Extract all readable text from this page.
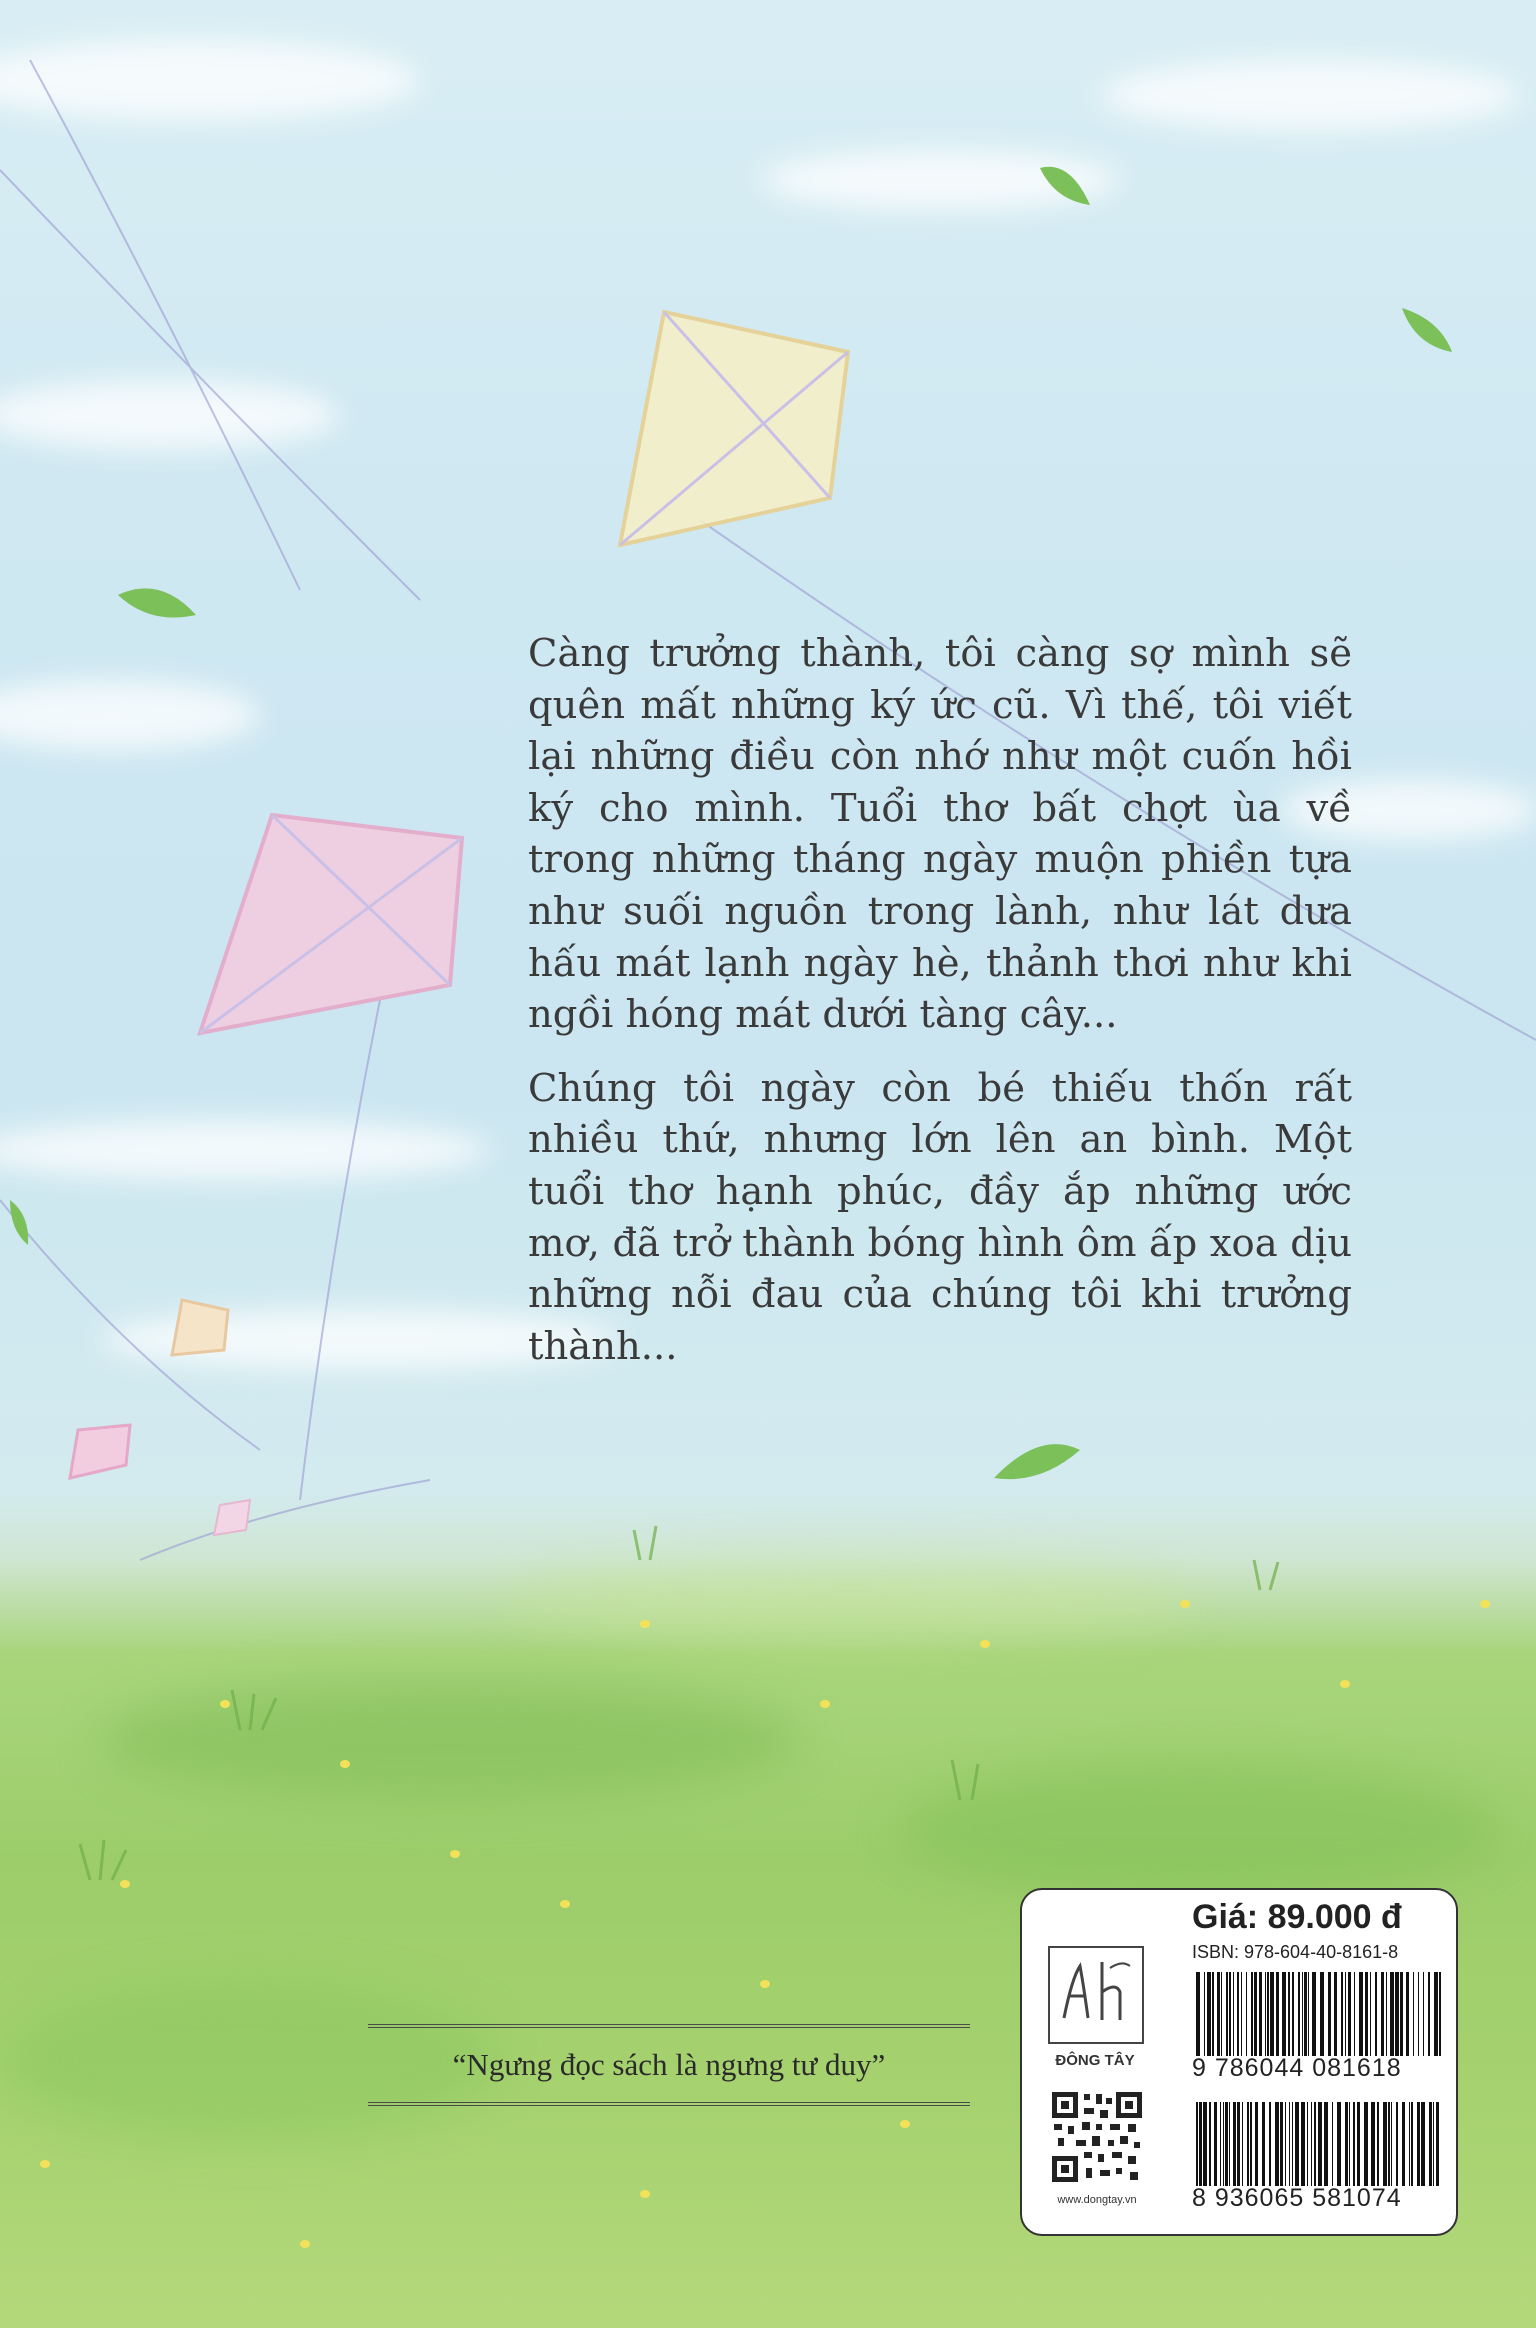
Càng trưởng thành, tôi càng sợ mình sẽ quên mất những ký ức cũ. Vì thế, tôi viết lại những điều còn nhớ như một cuốn hồi ký cho mình. Tuổi thơ bất chợt ùa về trong những tháng ngày muộn phiền tựa như suối nguồn trong lành, như lát dưa hấu mát lạnh ngày hè, thảnh thơi như khi ngồi hóng mát dưới tàng cây...

Chúng tôi ngày còn bé thiếu thốn rất nhiều thứ, nhưng lớn lên an bình. Một tuổi thơ hạnh phúc, đầy ắp những ước mơ, đã trở thành bóng hình ôm ấp xoa dịu những nỗi đau của chúng tôi khi trưởng thành...

“Ngưng đọc sách là ngưng tư duy”
Giá: 89.000 đ
ISBN: 978-604-40-8161-8
ĐÔNG TÂY
www.dongtay.vn
9 786044 081618
8 936065 581074
